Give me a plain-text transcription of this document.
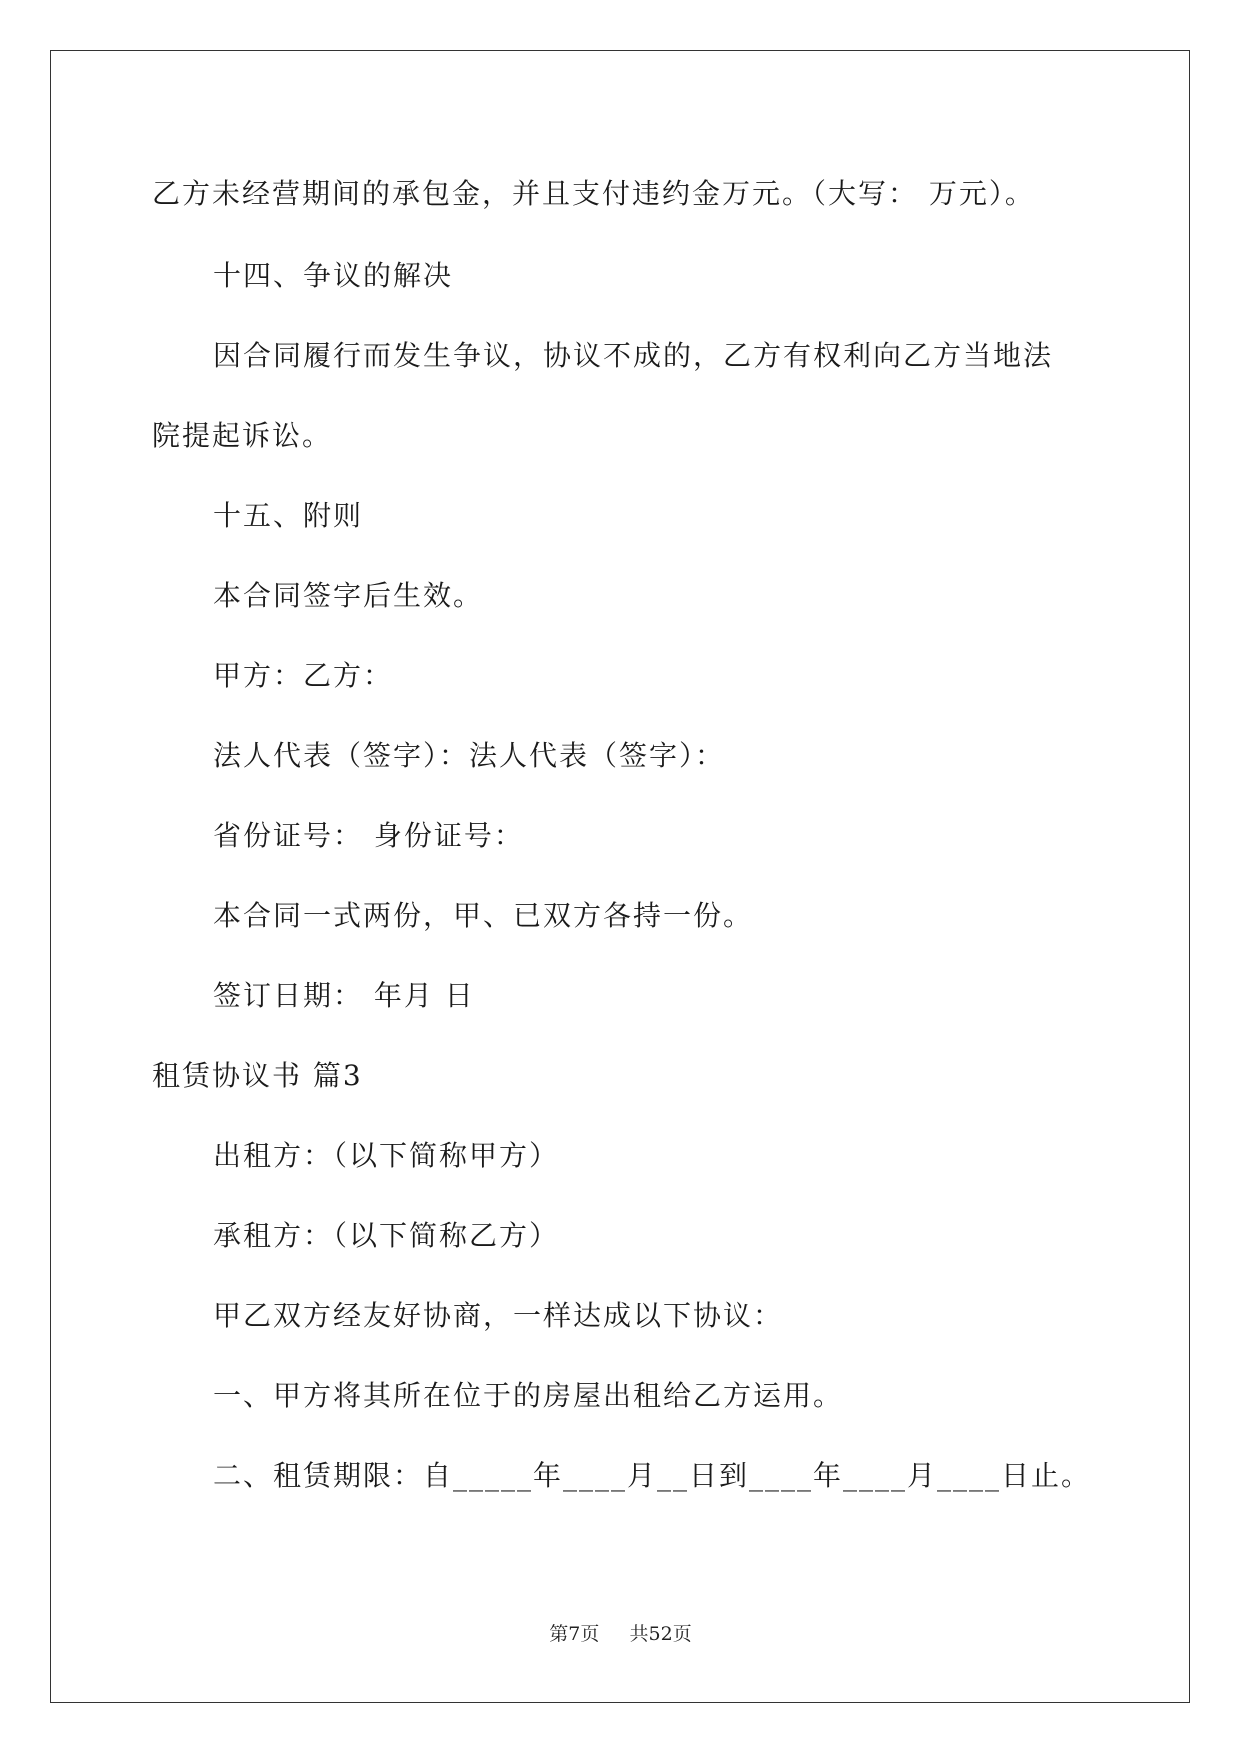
乙方未经营期间的承包金，并且支付违约金万元。（大写： 万元）。
十四、争议的解决
因合同履行而发生争议，协议不成的，乙方有权利向乙方当地法
院提起诉讼。
十五、附则
本合同签字后生效。
甲方：乙方：
法人代表（签字）：法人代表（签字）：
省份证号： 身份证号：
本合同一式两份，甲、已双方各持一份。
签订日期： 年月 日
租赁协议书 篇3
出租方：（以下简称甲方）
承租方：（以下简称乙方）
甲乙双方经友好协商，一样达成以下协议：
一、甲方将其所在位于的房屋出租给乙方运用。
二、租赁期限：自_____年____月__日到____年____月____日止。
第7页 共52页
